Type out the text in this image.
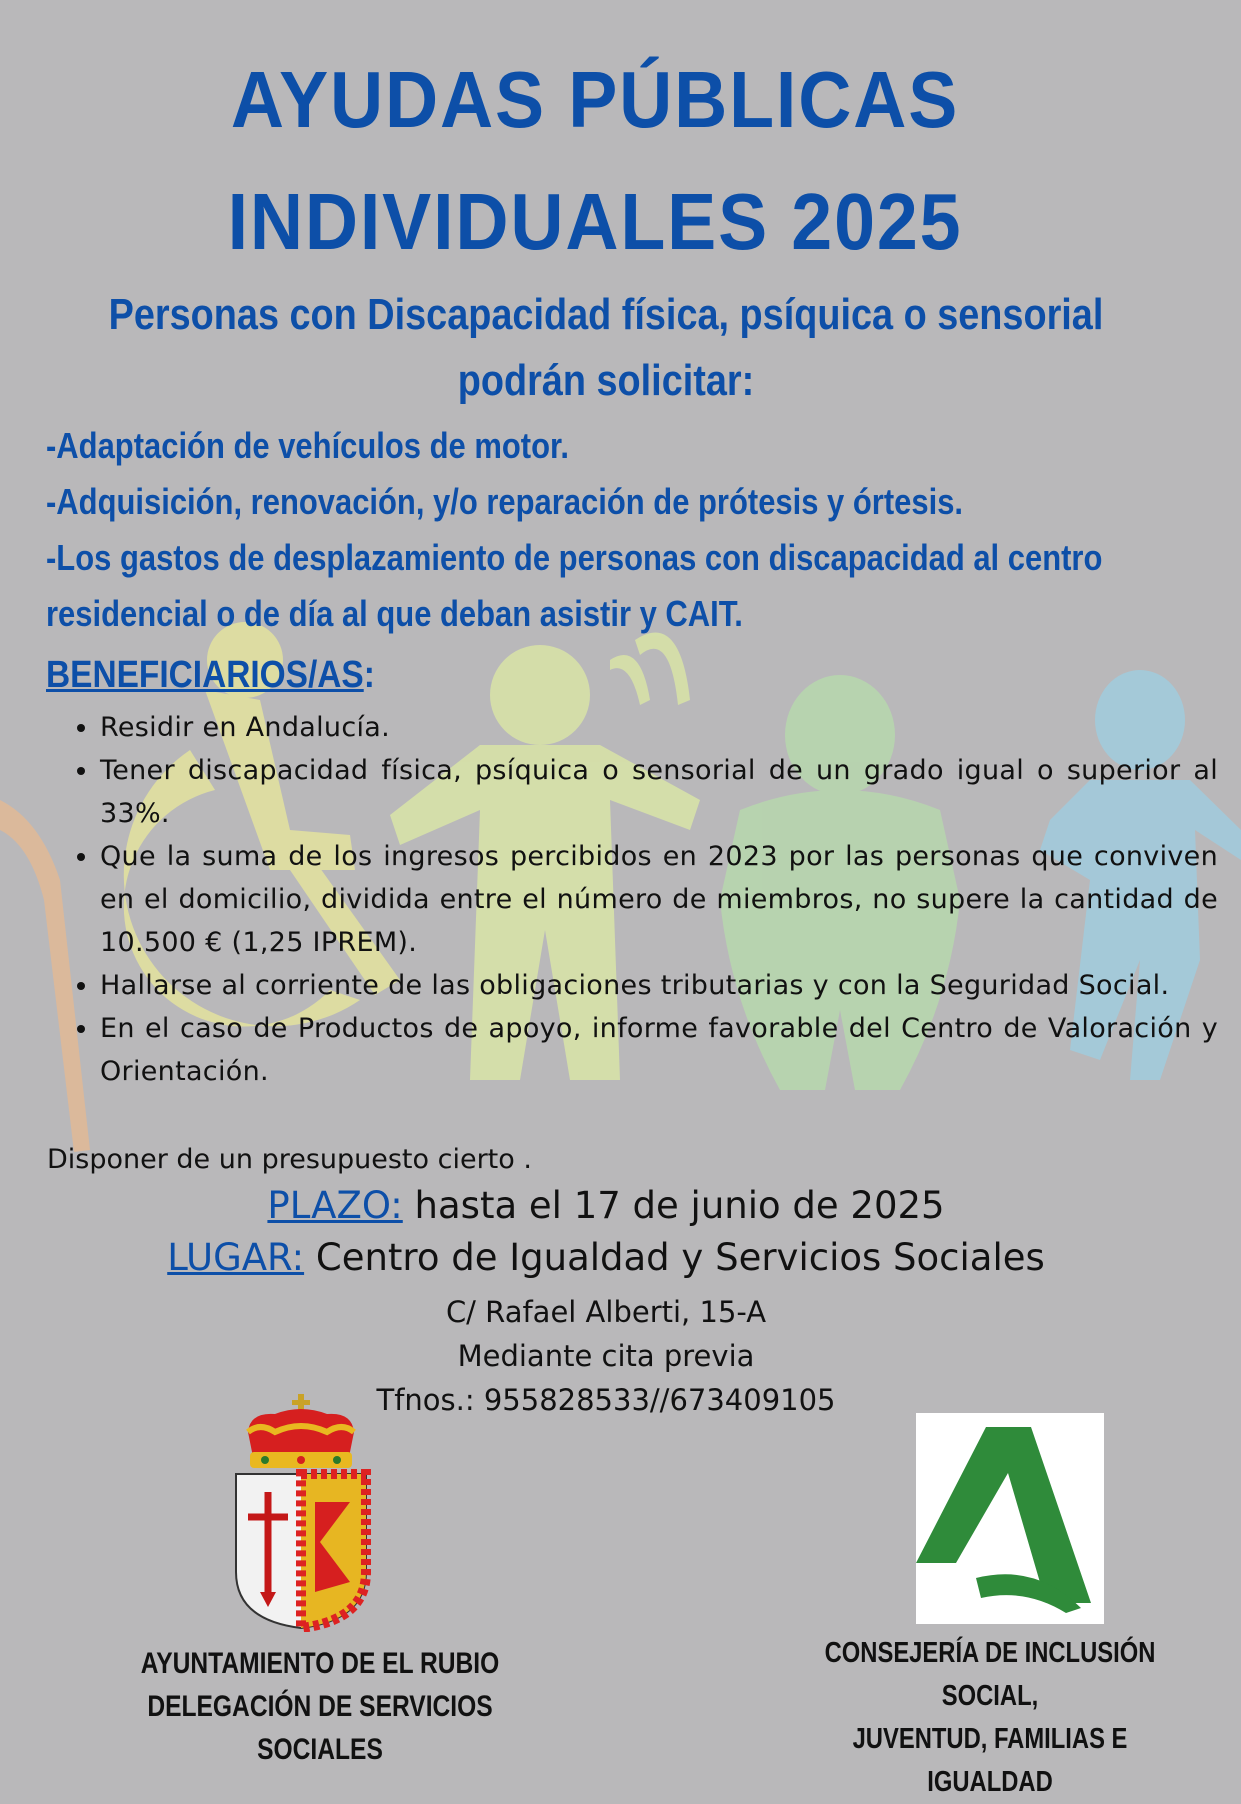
AYUDAS PÚBLICAS
INDIVIDUALES 2025
Personas con Discapacidad física, psíquica o sensorial
podrán solicitar:
-Adaptación de vehículos de motor.
-Adquisición, renovación, y/o reparación de prótesis y órtesis.
-Los gastos de desplazamiento de personas con discapacidad al centro
residencial o de día al que deban asistir y CAIT.
BENEFICIARIOS/AS:
• Residir en Andalucía.
• Tener discapacidad física, psíquica o sensorial de un grado igual o superior al 33%.
• Que la suma de los ingresos percibidos en 2023 por las personas que conviven en el domicilio, dividida entre el número de miembros, no supere la cantidad de 10.500 € (1,25 IPREM).
• Hallarse al corriente de las obligaciones tributarias y con la Seguridad Social.
• En el caso de Productos de apoyo, informe favorable del Centro de Valoración y Orientación.
Disponer de un presupuesto cierto .
PLAZO: hasta el 17 de junio de 2025
LUGAR: Centro de Igualdad y Servicios Sociales
C/ Rafael Alberti, 15-A
Mediante cita previa
Tfnos.: 955828533//673409105
AYUNTAMIENTO DE EL RUBIO
DELEGACIÓN DE SERVICIOS SOCIALES
CONSEJERÍA DE INCLUSIÓN SOCIAL,
JUVENTUD, FAMILIAS E IGUALDAD
